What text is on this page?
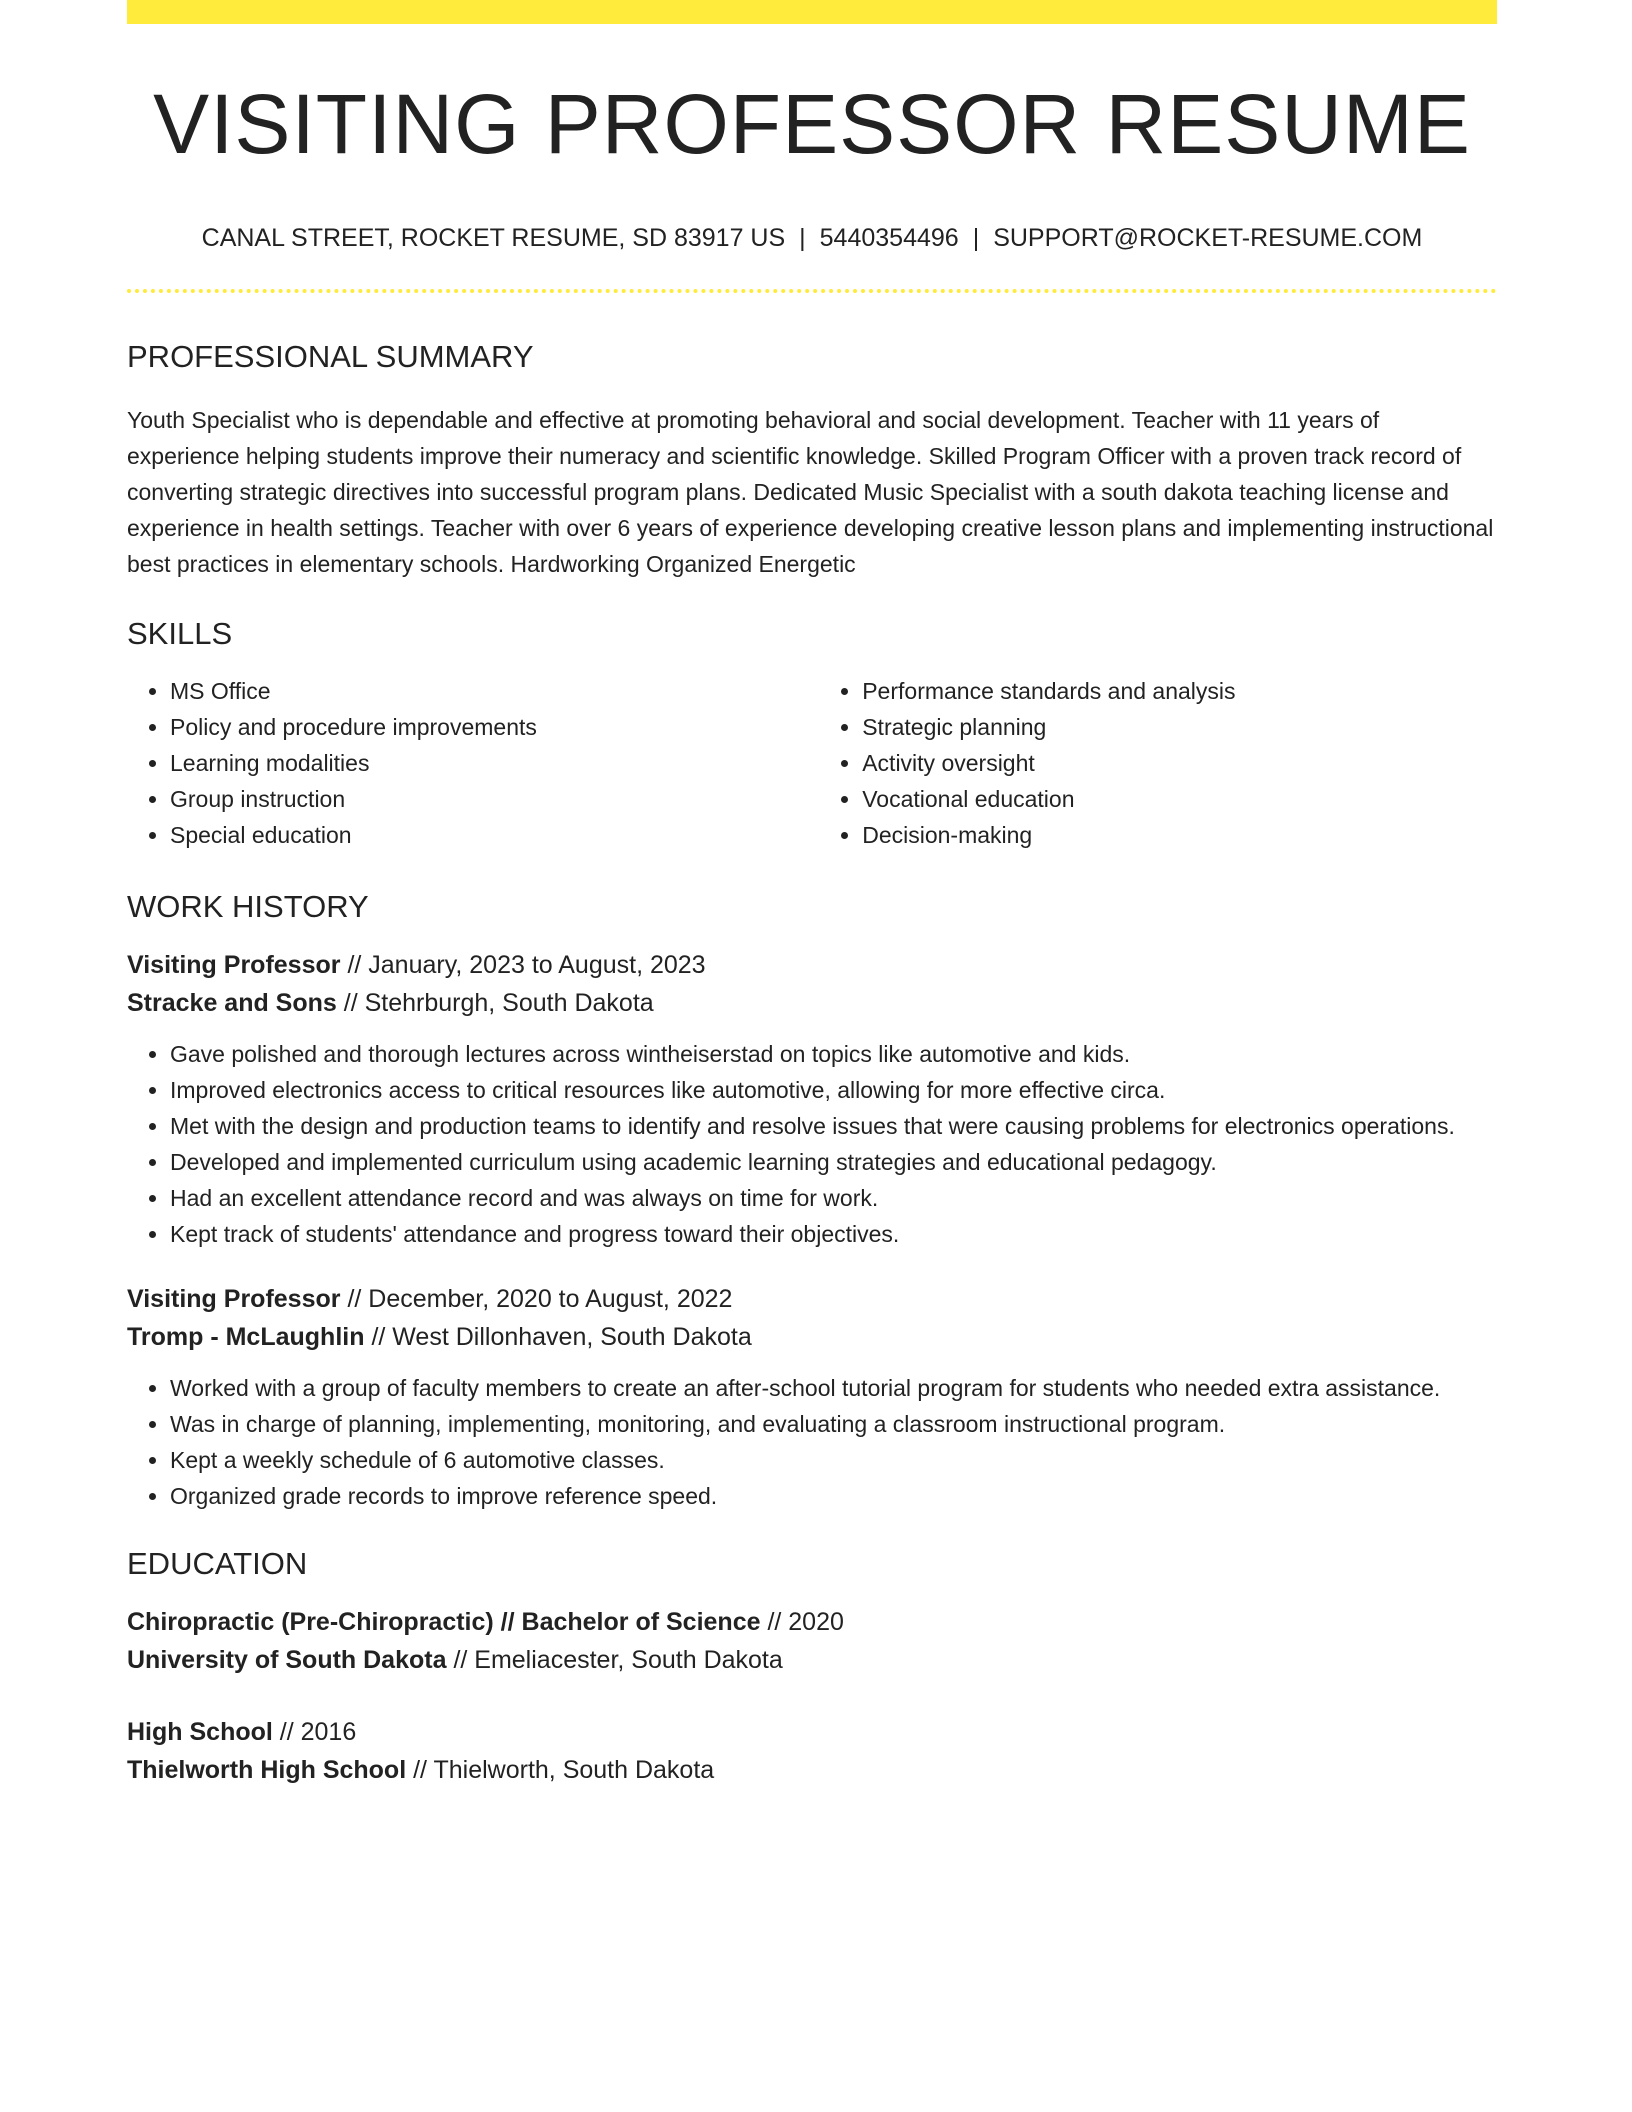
VISITING PROFESSOR RESUME
CANAL STREET, ROCKET RESUME, SD 83917 US | 5440354496 | SUPPORT@ROCKET-RESUME.COM
PROFESSIONAL SUMMARY

Youth Specialist who is dependable and effective at promoting behavioral and social development. Teacher with 11 years of experience helping students improve their numeracy and scientific knowledge. Skilled Program Officer with a proven track record of converting strategic directives into successful program plans. Dedicated Music Specialist with a south dakota teaching license and experience in health settings. Teacher with over 6 years of experience developing creative lesson plans and implementing instructional best practices in elementary schools. Hardworking Organized Energetic

SKILLS
• MS Office
• Policy and procedure improvements
• Learning modalities
• Group instruction
• Special education
• Performance standards and analysis
• Strategic planning
• Activity oversight
• Vocational education
• Decision-making
WORK HISTORY
Visiting Professor // January, 2023 to August, 2023
Stracke and Sons // Stehrburgh, South Dakota
• Gave polished and thorough lectures across wintheiserstad on topics like automotive and kids.
• Improved electronics access to critical resources like automotive, allowing for more effective circa.
• Met with the design and production teams to identify and resolve issues that were causing problems for electronics operations.
• Developed and implemented curriculum using academic learning strategies and educational pedagogy.
• Had an excellent attendance record and was always on time for work.
• Kept track of students' attendance and progress toward their objectives.
Visiting Professor // December, 2020 to August, 2022
Tromp - McLaughlin // West Dillonhaven, South Dakota
• Worked with a group of faculty members to create an after-school tutorial program for students who needed extra assistance.
• Was in charge of planning, implementing, monitoring, and evaluating a classroom instructional program.
• Kept a weekly schedule of 6 automotive classes.
• Organized grade records to improve reference speed.
EDUCATION
Chiropractic (Pre-Chiropractic) // Bachelor of Science // 2020
University of South Dakota // Emeliacester, South Dakota
High School // 2016
Thielworth High School // Thielworth, South Dakota
